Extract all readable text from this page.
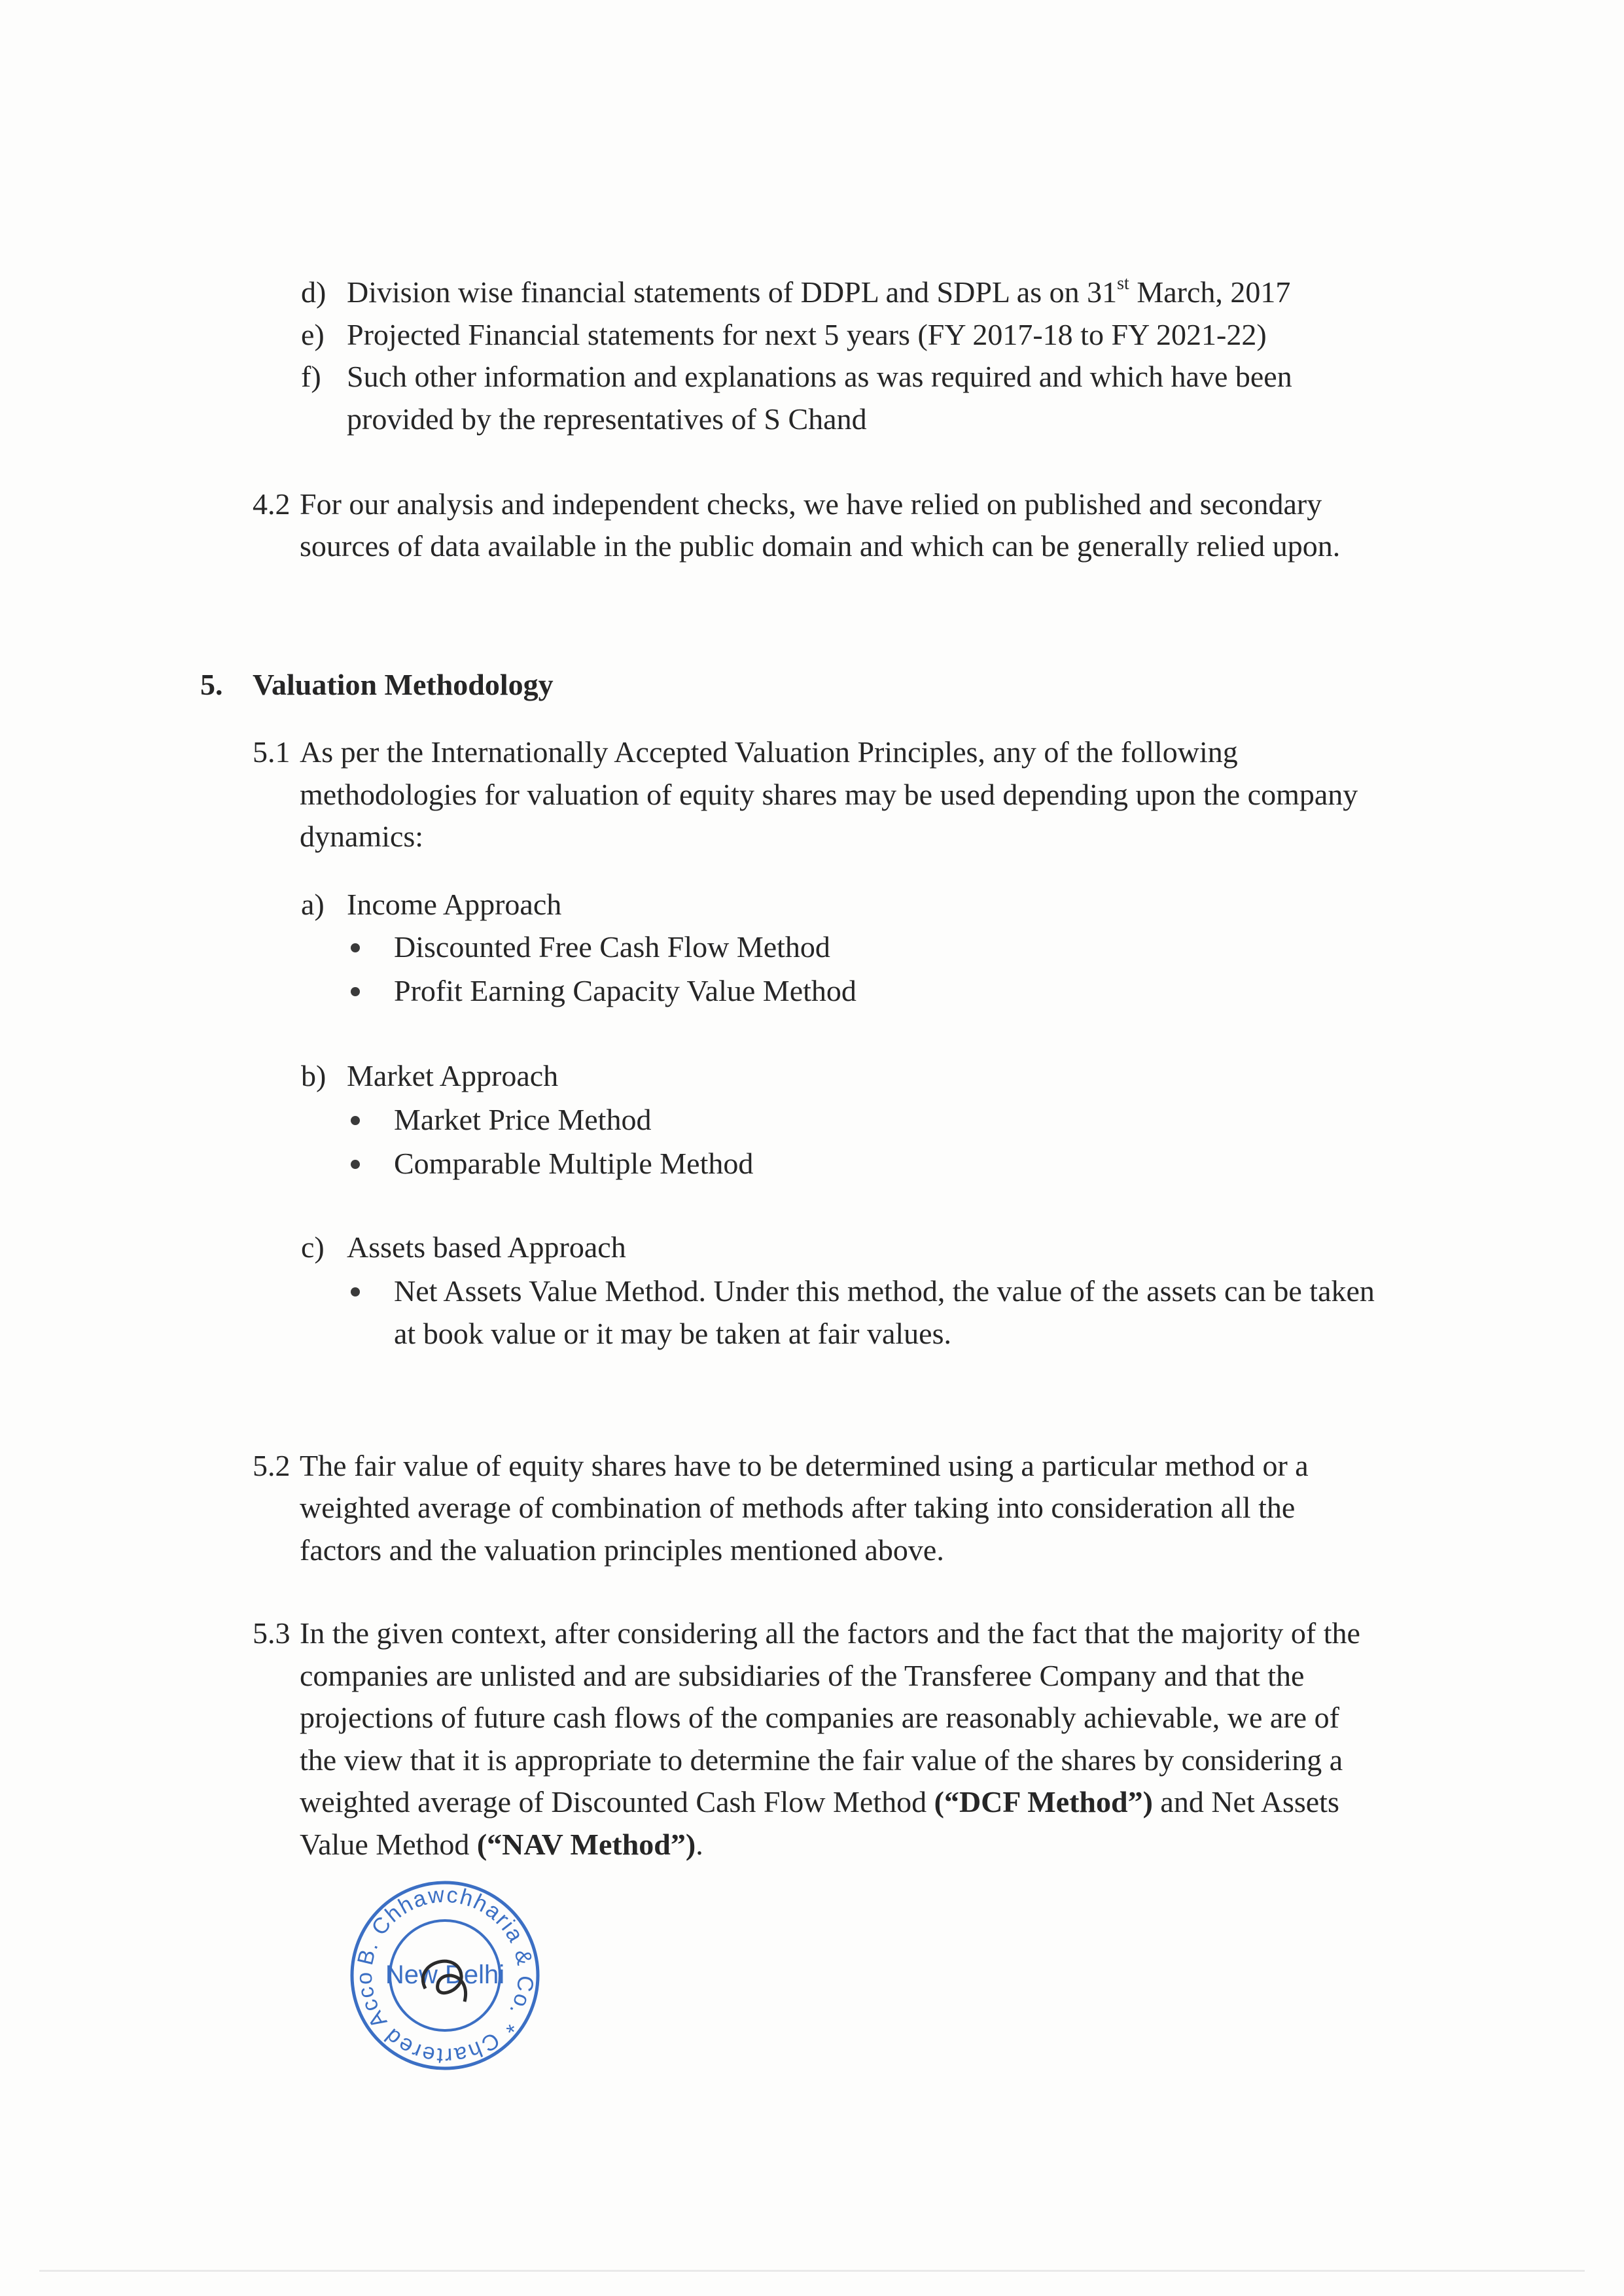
d) Division wise financial statements of DDPL and SDPL as on 31st March, 2017
e) Projected Financial statements for next 5 years (FY 2017-18 to FY 2021-22)
f) Such other information and explanations as was required and which have been
provided by the representatives of S Chand
4.2 For our analysis and independent checks, we have relied on published and secondary
sources of data available in the public domain and which can be generally relied upon.
5. Valuation Methodology
5.1 As per the Internationally Accepted Valuation Principles, any of the following
methodologies for valuation of equity shares may be used depending upon the company
dynamics:
a) Income Approach
Discounted Free Cash Flow Method
Profit Earning Capacity Value Method
b) Market Approach
Market Price Method
Comparable Multiple Method
c) Assets based Approach
Net Assets Value Method. Under this method, the value of the assets can be taken
at book value or it may be taken at fair values.
5.2 The fair value of equity shares have to be determined using a particular method or a
weighted average of combination of methods after taking into consideration all the
factors and the valuation principles mentioned above.
5.3 In the given context, after considering all the factors and the fact that the majority of the
companies are unlisted and are subsidiaries of the Transferee Company and that the
projections of future cash flows of the companies are reasonably achievable, we are of
the view that it is appropriate to determine the fair value of the shares by considering a
weighted average of Discounted Cash Flow Method (“DCF Method”) and Net Assets
Value Method (“NAV Method”).
B. Chhawchharia & Co. * Chartered Acco New Delhi
